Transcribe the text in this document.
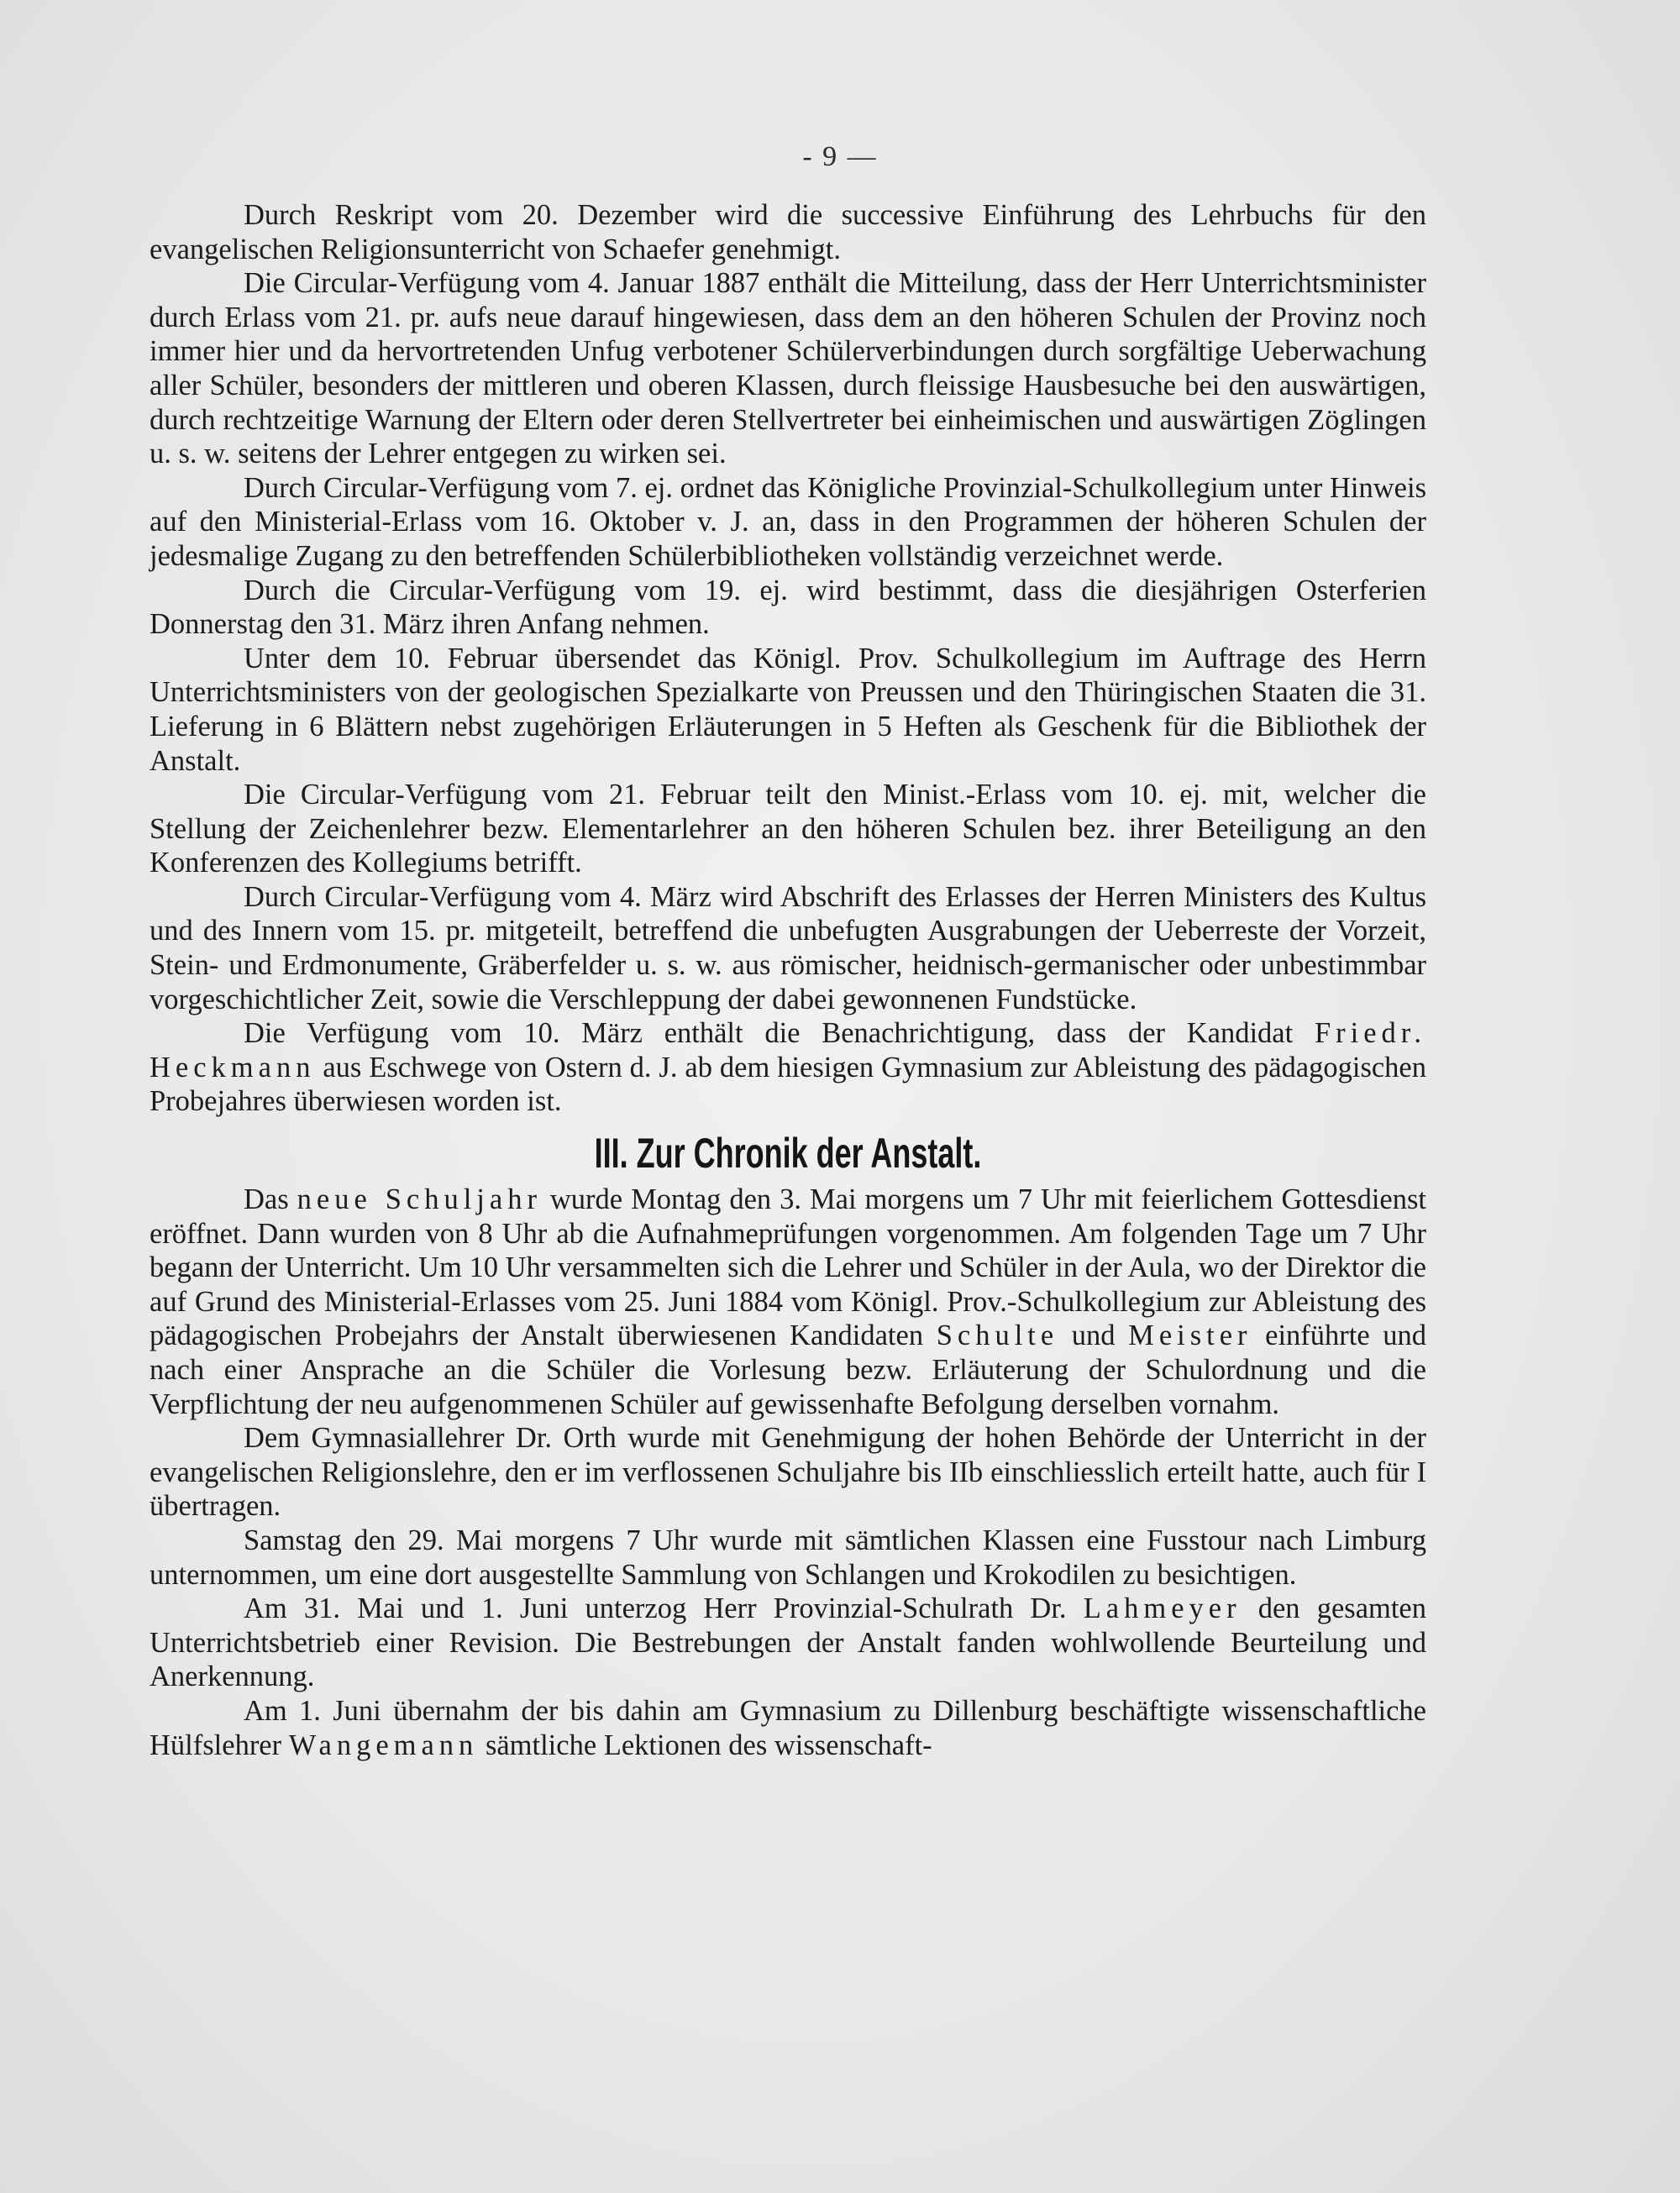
- 9 —

Durch Reskript vom 20. Dezember wird die successive Einführung des Lehrbuchs für den evangelischen Religionsunterricht von Schaefer genehmigt.

Die Circular-Verfügung vom 4. Januar 1887 enthält die Mitteilung, dass der Herr Unterrichtsminister durch Erlass vom 21. pr. aufs neue darauf hingewiesen, dass dem an den höheren Schulen der Provinz noch immer hier und da hervortretenden Unfug verbotener Schülerverbindungen durch sorgfältige Ueberwachung aller Schüler, besonders der mittleren und oberen Klassen, durch fleissige Hausbesuche bei den auswärtigen, durch rechtzeitige Warnung der Eltern oder deren Stellvertreter bei einheimischen und auswärtigen Zöglingen u. s. w. seitens der Lehrer entgegen zu wirken sei.

Durch Circular-Verfügung vom 7. ej. ordnet das Königliche Provinzial-Schulkollegium unter Hinweis auf den Ministerial-Erlass vom 16. Oktober v. J. an, dass in den Programmen der höheren Schulen der jedesmalige Zugang zu den betreffenden Schülerbibliotheken vollständig verzeichnet werde.

Durch die Circular-Verfügung vom 19. ej. wird bestimmt, dass die diesjährigen Osterferien Donnerstag den 31. März ihren Anfang nehmen.

Unter dem 10. Februar übersendet das Königl. Prov. Schulkollegium im Auftrage des Herrn Unterrichtsministers von der geologischen Spezialkarte von Preussen und den Thüringischen Staaten die 31. Lieferung in 6 Blättern nebst zugehörigen Erläuterungen in 5 Heften als Geschenk für die Bibliothek der Anstalt.

Die Circular-Verfügung vom 21. Februar teilt den Minist.-Erlass vom 10. ej. mit, welcher die Stellung der Zeichenlehrer bezw. Elementarlehrer an den höheren Schulen bez. ihrer Beteiligung an den Konferenzen des Kollegiums betrifft.

Durch Circular-Verfügung vom 4. März wird Abschrift des Erlasses der Herren Ministers des Kultus und des Innern vom 15. pr. mitgeteilt, betreffend die unbefugten Ausgrabungen der Ueberreste der Vorzeit, Stein- und Erdmonumente, Gräberfelder u. s. w. aus römischer, heidnisch-germanischer oder unbestimmbar vorgeschichtlicher Zeit, sowie die Verschleppung der dabei gewonnenen Fundstücke.

Die Verfügung vom 10. März enthält die Benachrichtigung, dass der Kandidat Friedr. Heckmann aus Eschwege von Ostern d. J. ab dem hiesigen Gymnasium zur Ableistung des pädagogischen Probejahres überwiesen worden ist.

III. Zur Chronik der Anstalt.

Das neue Schuljahr wurde Montag den 3. Mai morgens um 7 Uhr mit feierlichem Gottesdienst eröffnet. Dann wurden von 8 Uhr ab die Aufnahmeprüfungen vorgenommen. Am folgenden Tage um 7 Uhr begann der Unterricht. Um 10 Uhr versammelten sich die Lehrer und Schüler in der Aula, wo der Direktor die auf Grund des Ministerial-Erlasses vom 25. Juni 1884 vom Königl. Prov.-Schulkollegium zur Ableistung des pädagogischen Probejahrs der Anstalt überwiesenen Kandidaten Schulte und Meister einführte und nach einer Ansprache an die Schüler die Vorlesung bezw. Erläuterung der Schulordnung und die Verpflichtung der neu aufgenommenen Schüler auf gewissenhafte Befolgung derselben vornahm.

Dem Gymnasiallehrer Dr. Orth wurde mit Genehmigung der hohen Behörde der Unterricht in der evangelischen Religionslehre, den er im verflossenen Schuljahre bis IIb einschliesslich erteilt hatte, auch für I übertragen.

Samstag den 29. Mai morgens 7 Uhr wurde mit sämtlichen Klassen eine Fusstour nach Limburg unternommen, um eine dort ausgestellte Sammlung von Schlangen und Krokodilen zu besichtigen.

Am 31. Mai und 1. Juni unterzog Herr Provinzial-Schulrath Dr. Lahmeyer den gesamten Unterrichtsbetrieb einer Revision. Die Bestrebungen der Anstalt fanden wohlwollende Beurteilung und Anerkennung.

Am 1. Juni übernahm der bis dahin am Gymnasium zu Dillenburg beschäftigte wissenschaftliche Hülfslehrer Wangemann sämtliche Lektionen des wissenschaft-
